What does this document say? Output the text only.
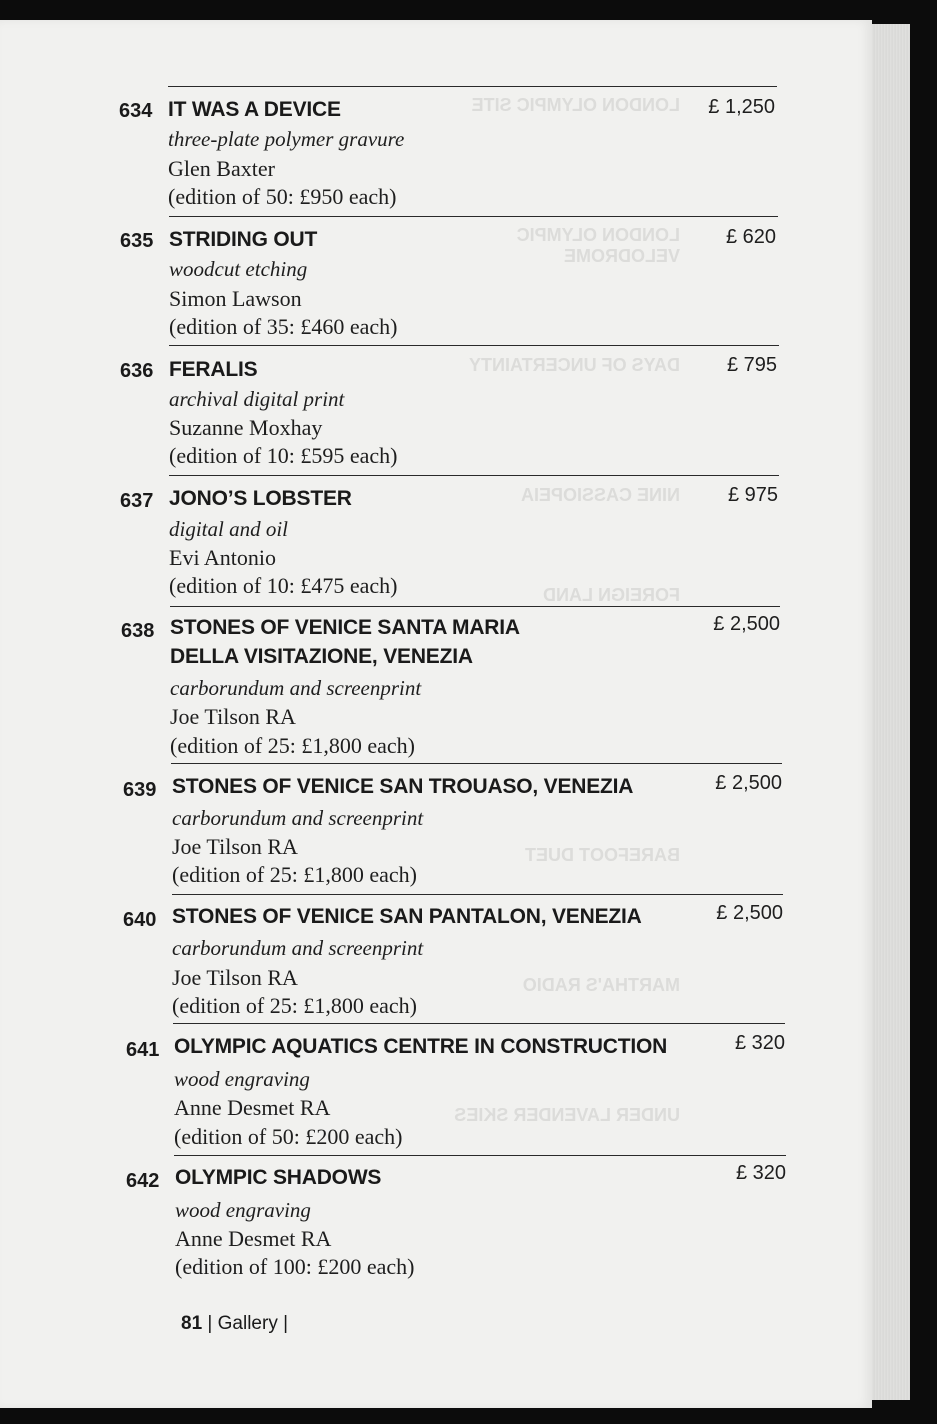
LONDON OLYMPIC SITE
LONDON OLYMPIC VELODROME
DAYS OF UNCERTAINTY
NINE CASSIOPEIA
FOREIGN LAND
BAREFOOT DUET
MARTHA'S RADIO
UNDER LAVENDER SKIES
634 IT WAS A DEVICE	£ 1,250
three-plate polymer gravure
Glen Baxter
(edition of 50: £950 each)
635 STRIDING OUT	£ 620
woodcut etching
Simon Lawson
(edition of 35: £460 each)
636 FERALIS	£ 795
archival digital print
Suzanne Moxhay
(edition of 10: £595 each)
637 JONO’S LOBSTER	£ 975
digital and oil
Evi Antonio
(edition of 10: £475 each)
638 STONES OF VENICE SANTA MARIA
DELLA VISITAZIONE, VENEZIA
£ 2,500
carborundum and screenprint
Joe Tilson RA
(edition of 25: £1,800 each)
639 STONES OF VENICE SAN TROUASO, VENEZIA	£ 2,500
carborundum and screenprint
Joe Tilson RA
(edition of 25: £1,800 each)
640 STONES OF VENICE SAN PANTALON, VENEZIA	£ 2,500
carborundum and screenprint
Joe Tilson RA
(edition of 25: £1,800 each)
641 OLYMPIC AQUATICS CENTRE IN CONSTRUCTION	£ 320
wood engraving
Anne Desmet RA
(edition of 50: £200 each)
642 OLYMPIC SHADOWS	£ 320
wood engraving
Anne Desmet RA
(edition of 100: £200 each)
81 | Gallery |
